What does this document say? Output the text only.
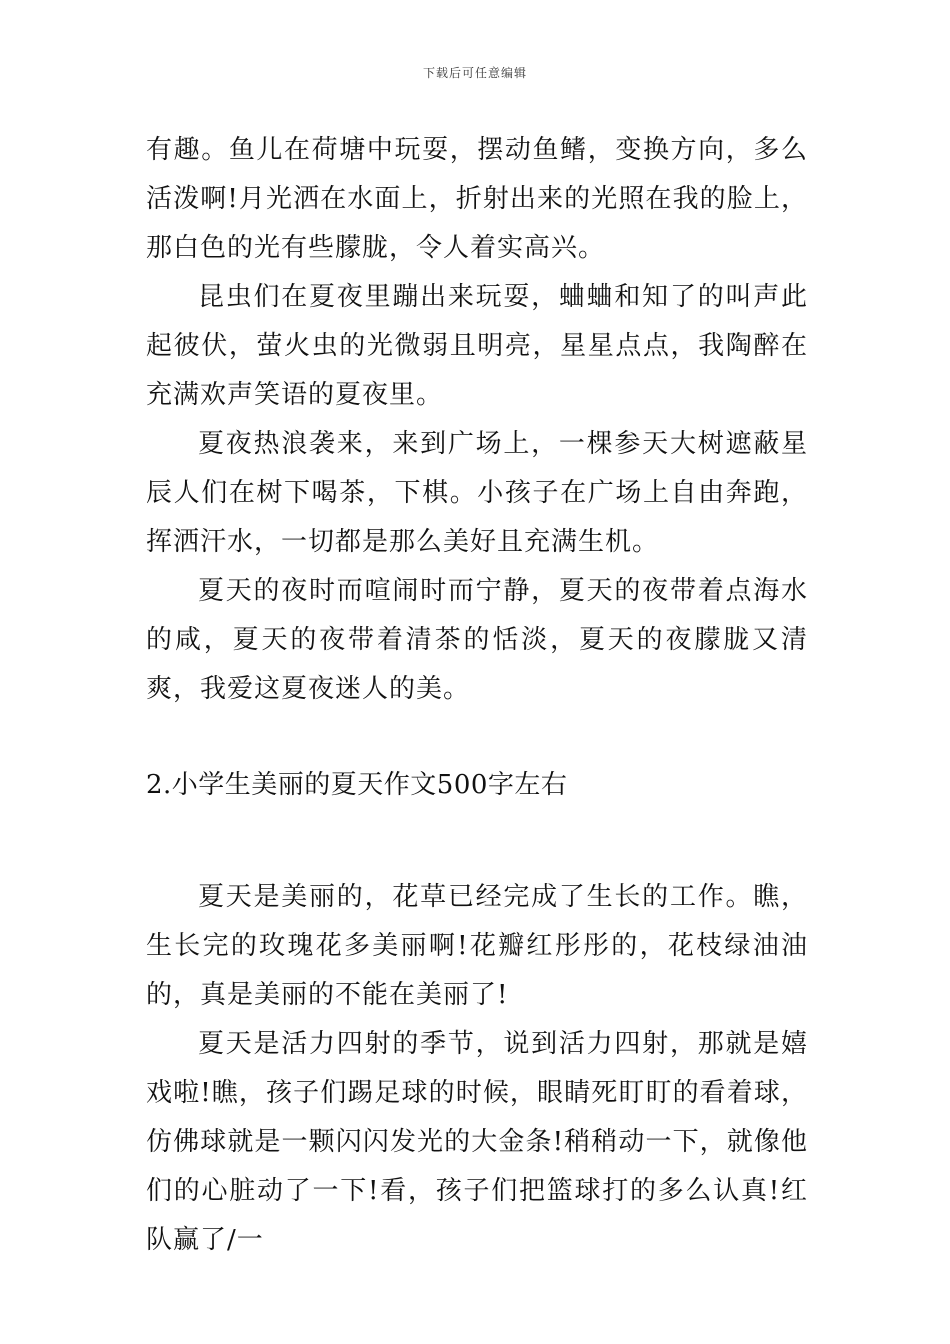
下载后可任意编辑

有趣。鱼儿在荷塘中玩耍，摆动鱼鳍，变换方向，多么活泼啊!月光洒在水面上，折射出来的光照在我的脸上，那白色的光有些朦胧，令人着实高兴。

昆虫们在夏夜里蹦出来玩耍，蛐蛐和知了的叫声此起彼伏，萤火虫的光微弱且明亮，星星点点，我陶醉在充满欢声笑语的夏夜里。

夏夜热浪袭来，来到广场上，一棵参天大树遮蔽星辰人们在树下喝茶，下棋。小孩子在广场上自由奔跑，挥洒汗水，一切都是那么美好且充满生机。

夏天的夜时而喧闹时而宁静，夏天的夜带着点海水的咸，夏天的夜带着清茶的恬淡，夏天的夜朦胧又清爽，我爱这夏夜迷人的美。

2.小学生美丽的夏天作文500字左右

夏天是美丽的，花草已经完成了生长的工作。瞧，生长完的玫瑰花多美丽啊!花瓣红彤彤的，花枝绿油油的，真是美丽的不能在美丽了!

夏天是活力四射的季节，说到活力四射，那就是嬉戏啦!瞧，孩子们踢足球的时候，眼睛死盯盯的看着球，仿佛球就是一颗闪闪发光的大金条!稍稍动一下，就像他们的心脏动了一下!看，孩子们把篮球打的多么认真!红队赢了/一
